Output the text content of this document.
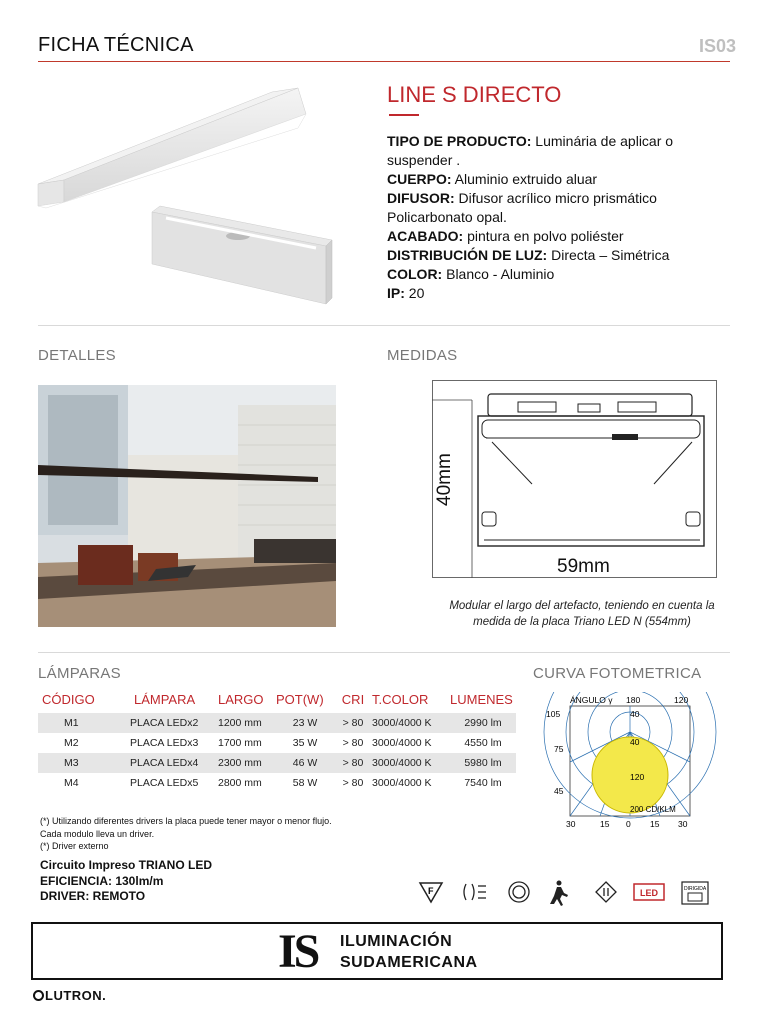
FICHA TÉCNICA	IS03
LINE S DIRECTO
TIPO DE PRODUCTO: Luminária de aplicar o suspender .
CUERPO: Aluminio extruido aluar
DIFUSOR: Difusor acrílico micro prismático Policarbonato opal.
ACABADO: pintura en polvo poliéster
DISTRIBUCIÓN DE LUZ: Directa – Simétrica
COLOR: Blanco - Aluminio
IP: 20
DETALLES	MEDIDAS
40mm
59mm
Modular el largo del artefacto, teniendo en cuenta la medida de la placa Triano LED N (554mm)
LÁMPARAS	CURVA FOTOMETRICA
CÓDIGO	LÁMPARA	LARGO	POT(W)	CRI	T.COLOR	LUMENES
M1	PLACA LEDx2	1200 mm	23 W	> 80	3000/4000 K	2990 lm
M2	PLACA LEDx3	1700 mm	35 W	> 80	3000/4000 K	4550 lm
M3	PLACA LEDx4	2300 mm	46 W	> 80	3000/4000 K	5980 lm
M4	PLACA LEDx5	2800 mm	58 W	> 80	3000/4000 K	7540 lm
ÁNGULO γ 180	120
105
75
45
40
40
120
200 CD/KLM
30	15 0 15 30
(*) Utilizando diferentes drivers la placa puede tener mayor o menor flujo.
Cada modulo lleva un driver.
(*) Driver externo
Circuito Impreso TRIANO LED
EFICIENCIA: 130lm/m
DRIVER: REMOTO	F	LED	DIRIGIDA
IS ILUMINACIÓN
SUDAMERICANA
LUTRON.
